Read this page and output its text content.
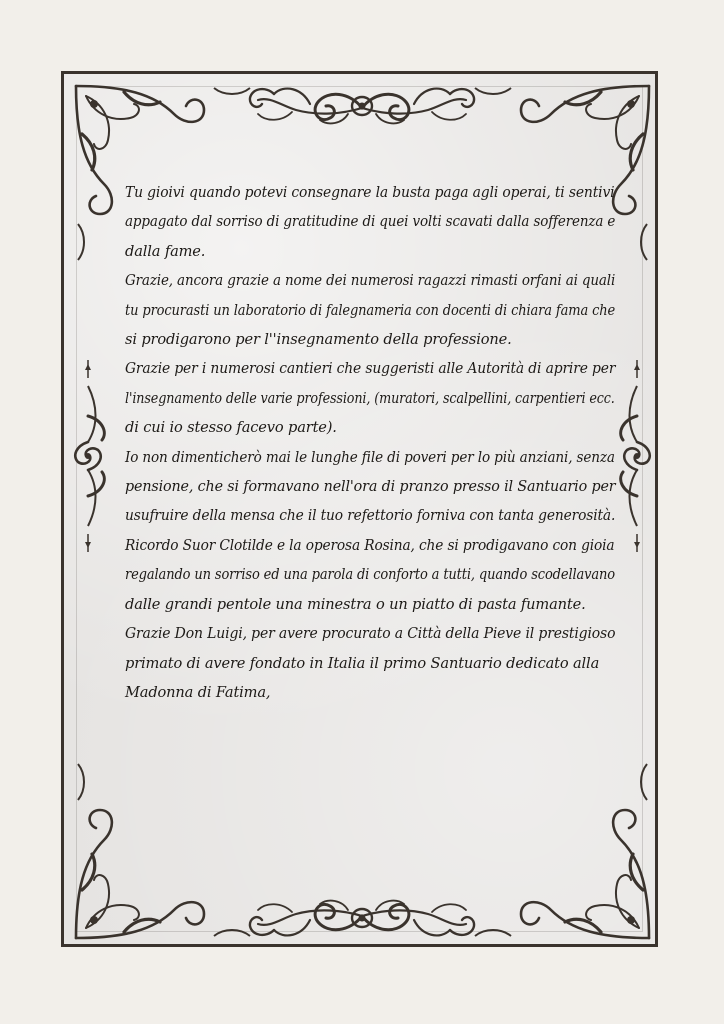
Tu gioivi quando potevi consegnare la busta paga agli operai, ti sentivi
appagato dal sorriso di gratitudine di quei volti scavati dalla sofferenza e
dalla fame.
Grazie, ancora grazie a nome dei numerosi ragazzi rimasti orfani ai quali
tu procurasti un laboratorio di falegnameria con docenti di chiara fama che
si prodigarono per l''insegnamento della professione.
Grazie per i numerosi cantieri che suggeristi alle Autorità di aprire per
l'insegnamento delle varie professioni, (muratori, scalpellini, carpentieri ecc.
di cui io stesso facevo parte).
Io non dimenticherò mai le lunghe file di poveri per lo più anziani, senza
pensione, che si formavano nell'ora di pranzo presso il Santuario per
usufruire della mensa che il tuo refettorio forniva con tanta generosità.
Ricordo Suor Clotilde e la operosa Rosina, che si prodigavano con gioia
regalando un sorriso ed una parola di conforto a tutti, quando scodellavano
dalle grandi pentole una minestra o un piatto di pasta fumante.
Grazie Don Luigi, per avere procurato a Città della Pieve il prestigioso
primato di avere fondato in Italia il primo Santuario dedicato alla
Madonna di Fatima,
